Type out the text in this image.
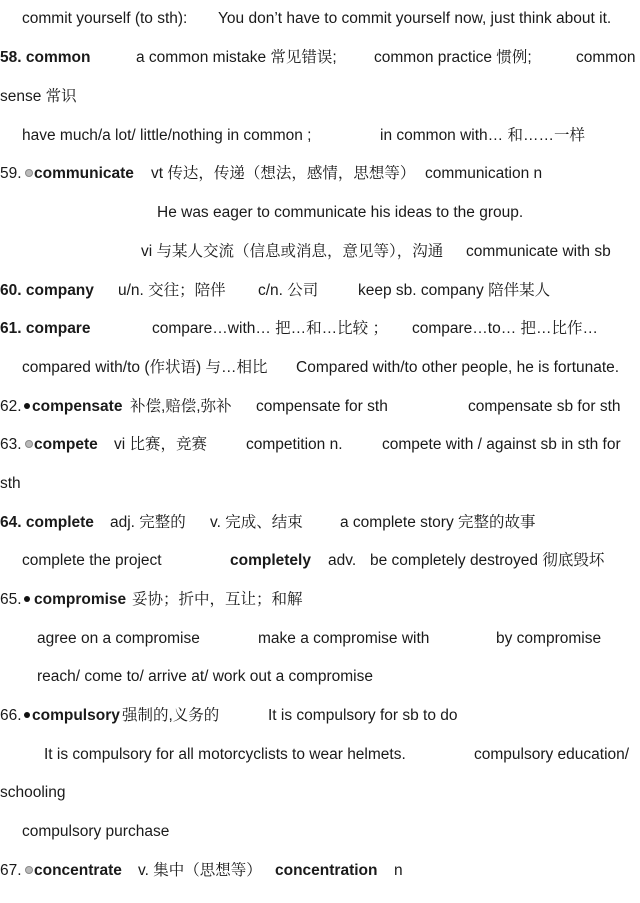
commit yourself (to sth): You don’t have to commit yourself now, just think about it.
58. common	a common mistake 常见错误; common practice 惯例;	common
sense 常识
have much/a lot/ little/nothing in common ;	in common with… 和……一样
59. communicate vt 传达，传递（想法，感情，思想等） communication n
He was eager to communicate his ideas to the group.
vi 与某人交流（信息或消息，意见等），沟通 communicate with sb
60. company u/n. 交往；陪伴 c/n. 公司	keep sb. company 陪伴某人
61. compare	compare…with… 把…和…比较 ； compare…to… 把…比作…
compared with/to (作状语) 与…相比 Compared with/to other people, he is fortunate.
62. compensate 补偿,赔偿,弥补 compensate for sth	compensate sb for sth
63. compete vi 比赛，竞赛	competition n.	compete with / against sb in sth for
sth
64. complete adj. 完整的 v. 完成、结束 a complete story 完整的故事
complete the project	completely adv. be completely destroyed 彻底毁坏
65. compromise 妥协；折中，互让；和解
agree on a compromise	make a compromise with	by compromise
reach/ come to/ arrive at/ work out a compromise
66. compulsory 强制的,义务的	It is compulsory for sb to do
It is compulsory for all motorcyclists to wear helmets.	compulsory education/
schooling
compulsory purchase
67. concentrate v. 集中（思想等） concentration n
